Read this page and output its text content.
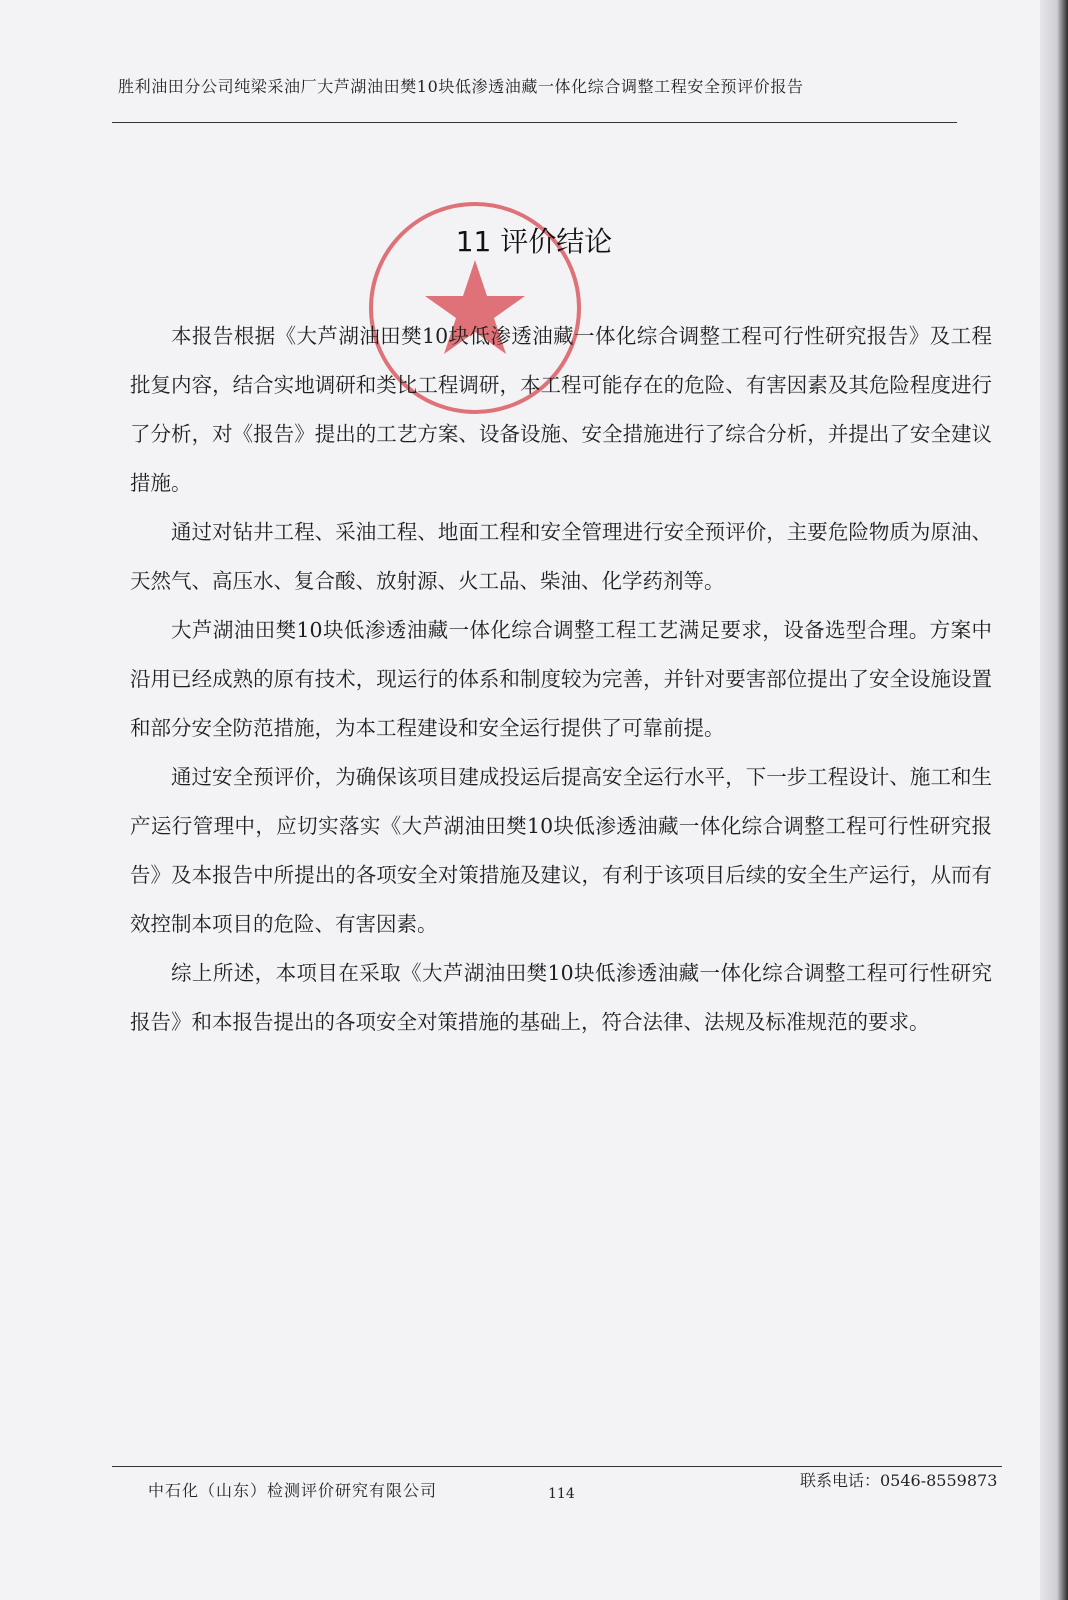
胜利油田分公司纯梁采油厂大芦湖油田樊10块低渗透油藏一体化综合调整工程安全预评价报告
11 评价结论

本报告根据《大芦湖油田樊10块低渗透油藏一体化综合调整工程可行性研究报告》及工程批复内容，结合实地调研和类比工程调研，本工程可能存在的危险、有害因素及其危险程度进行了分析，对《报告》提出的工艺方案、设备设施、安全措施进行了综合分析，并提出了安全建议措施。

通过对钻井工程、采油工程、地面工程和安全管理进行安全预评价，主要危险物质为原油、天然气、高压水、复合酸、放射源、火工品、柴油、化学药剂等。

大芦湖油田樊10块低渗透油藏一体化综合调整工程工艺满足要求，设备选型合理。方案中沿用已经成熟的原有技术，现运行的体系和制度较为完善，并针对要害部位提出了安全设施设置和部分安全防范措施，为本工程建设和安全运行提供了可靠前提。

通过安全预评价，为确保该项目建成投运后提高安全运行水平，下一步工程设计、施工和生产运行管理中，应切实落实《大芦湖油田樊10块低渗透油藏一体化综合调整工程可行性研究报告》及本报告中所提出的各项安全对策措施及建议，有利于该项目后续的安全生产运行，从而有效控制本项目的危险、有害因素。

综上所述，本项目在采取《大芦湖油田樊10块低渗透油藏一体化综合调整工程可行性研究报告》和本报告提出的各项安全对策措施的基础上，符合法律、法规及标准规范的要求。

中石化（山东）检测评价研究有限公司	114
联系电话：0546-8559873
